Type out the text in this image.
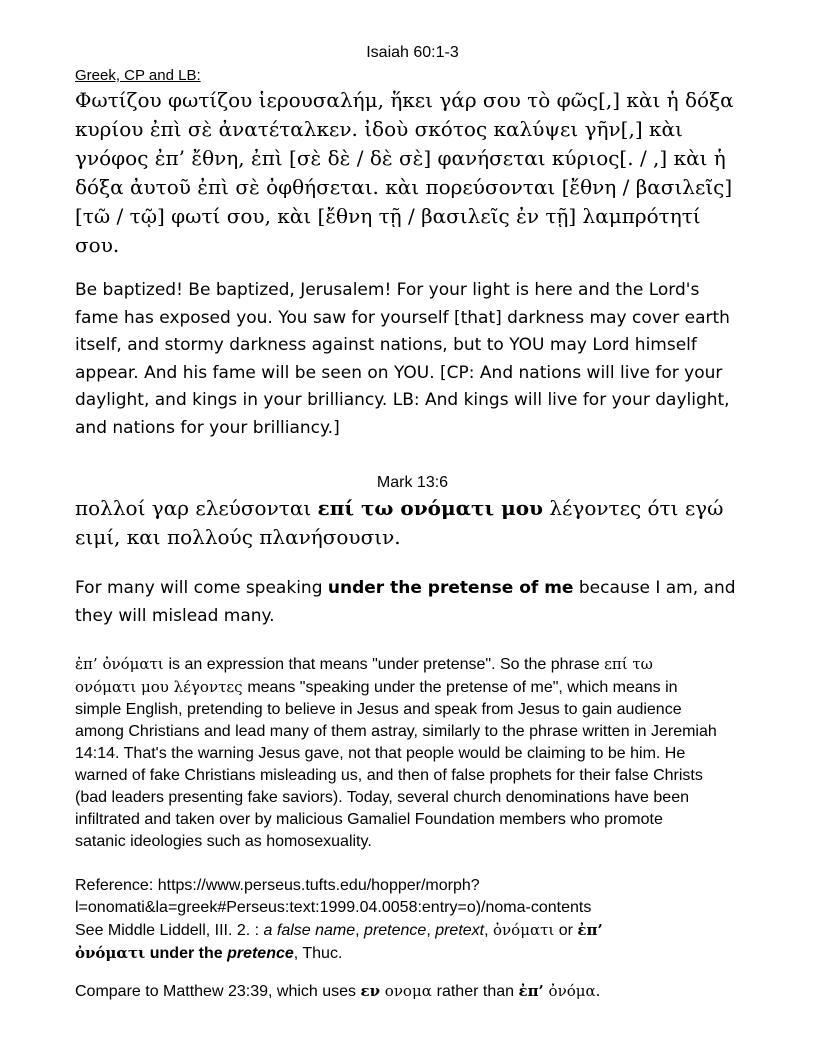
Isaiah 60:1-3
Greek, CP and LB:
Φωτίζου φωτίζου ἱερουσαλήμ, ἥκει γάρ σου τὸ φῶς[,] κὰι ἡ δόξα κυρίου ἐπὶ σὲ ἀνατέταλκεν. ἰδοὺ σκότος καλύψει γῆν[,] κὰι γνόφος ἐπ’ ἔθνη, ἐπὶ [σὲ δὲ / δὲ σὲ] φανήσεται κύριος[. / ,] κὰι ἡ δόξα ἀυτοῦ ἐπὶ σὲ ὀφθήσεται. κὰι πορεύσονται [ἔθνη / βασιλεῖς] [τῶ / τῷ] φωτί σου, κὰι [ἔθνη τῇ / βασιλεῖς ἐν τῇ] λαμπρότητί σου.
Be baptized! Be baptized, Jerusalem! For your light is here and the Lord's fame has exposed you. You saw for yourself [that] darkness may cover earth itself, and stormy darkness against nations, but to YOU may Lord himself appear. And his fame will be seen on YOU. [CP: And nations will live for your daylight, and kings in your brilliancy. LB: And kings will live for your daylight, and nations for your brilliancy.]
Mark 13:6
πολλοί γαρ ελεύσονται επί τω ονόματι μου λέγοντες ότι εγώ ειμί, και πολλούς πλανήσουσιν.
For many will come speaking under the pretense of me because I am, and they will mislead many.
ἐπ’ ὀνόματι is an expression that means "under pretense". So the phrase επί τω ονόματι μου λέγοντες means "speaking under the pretense of me", which means in simple English, pretending to believe in Jesus and speak from Jesus to gain audience among Christians and lead many of them astray, similarly to the phrase written in Jeremiah 14:14. That's the warning Jesus gave, not that people would be claiming to be him. He warned of fake Christians misleading us, and then of false prophets for their false Christs (bad leaders presenting fake saviors). Today, several church denominations have been infiltrated and taken over by malicious Gamaliel Foundation members who promote satanic ideologies such as homosexuality.
Reference: https://www.perseus.tufts.edu/hopper/morph?
l=onomati&la=greek#Perseus:text:1999.04.0058:entry=o)/noma-contents
See Middle Liddell, III. 2. : a false name, pretence, pretext, ὀνόματι or ἐπ’
ὀνόματι under the pretence, Thuc.
Compare to Matthew 23:39, which uses εν ονομα rather than ἐπ’ ὀνόμα.
